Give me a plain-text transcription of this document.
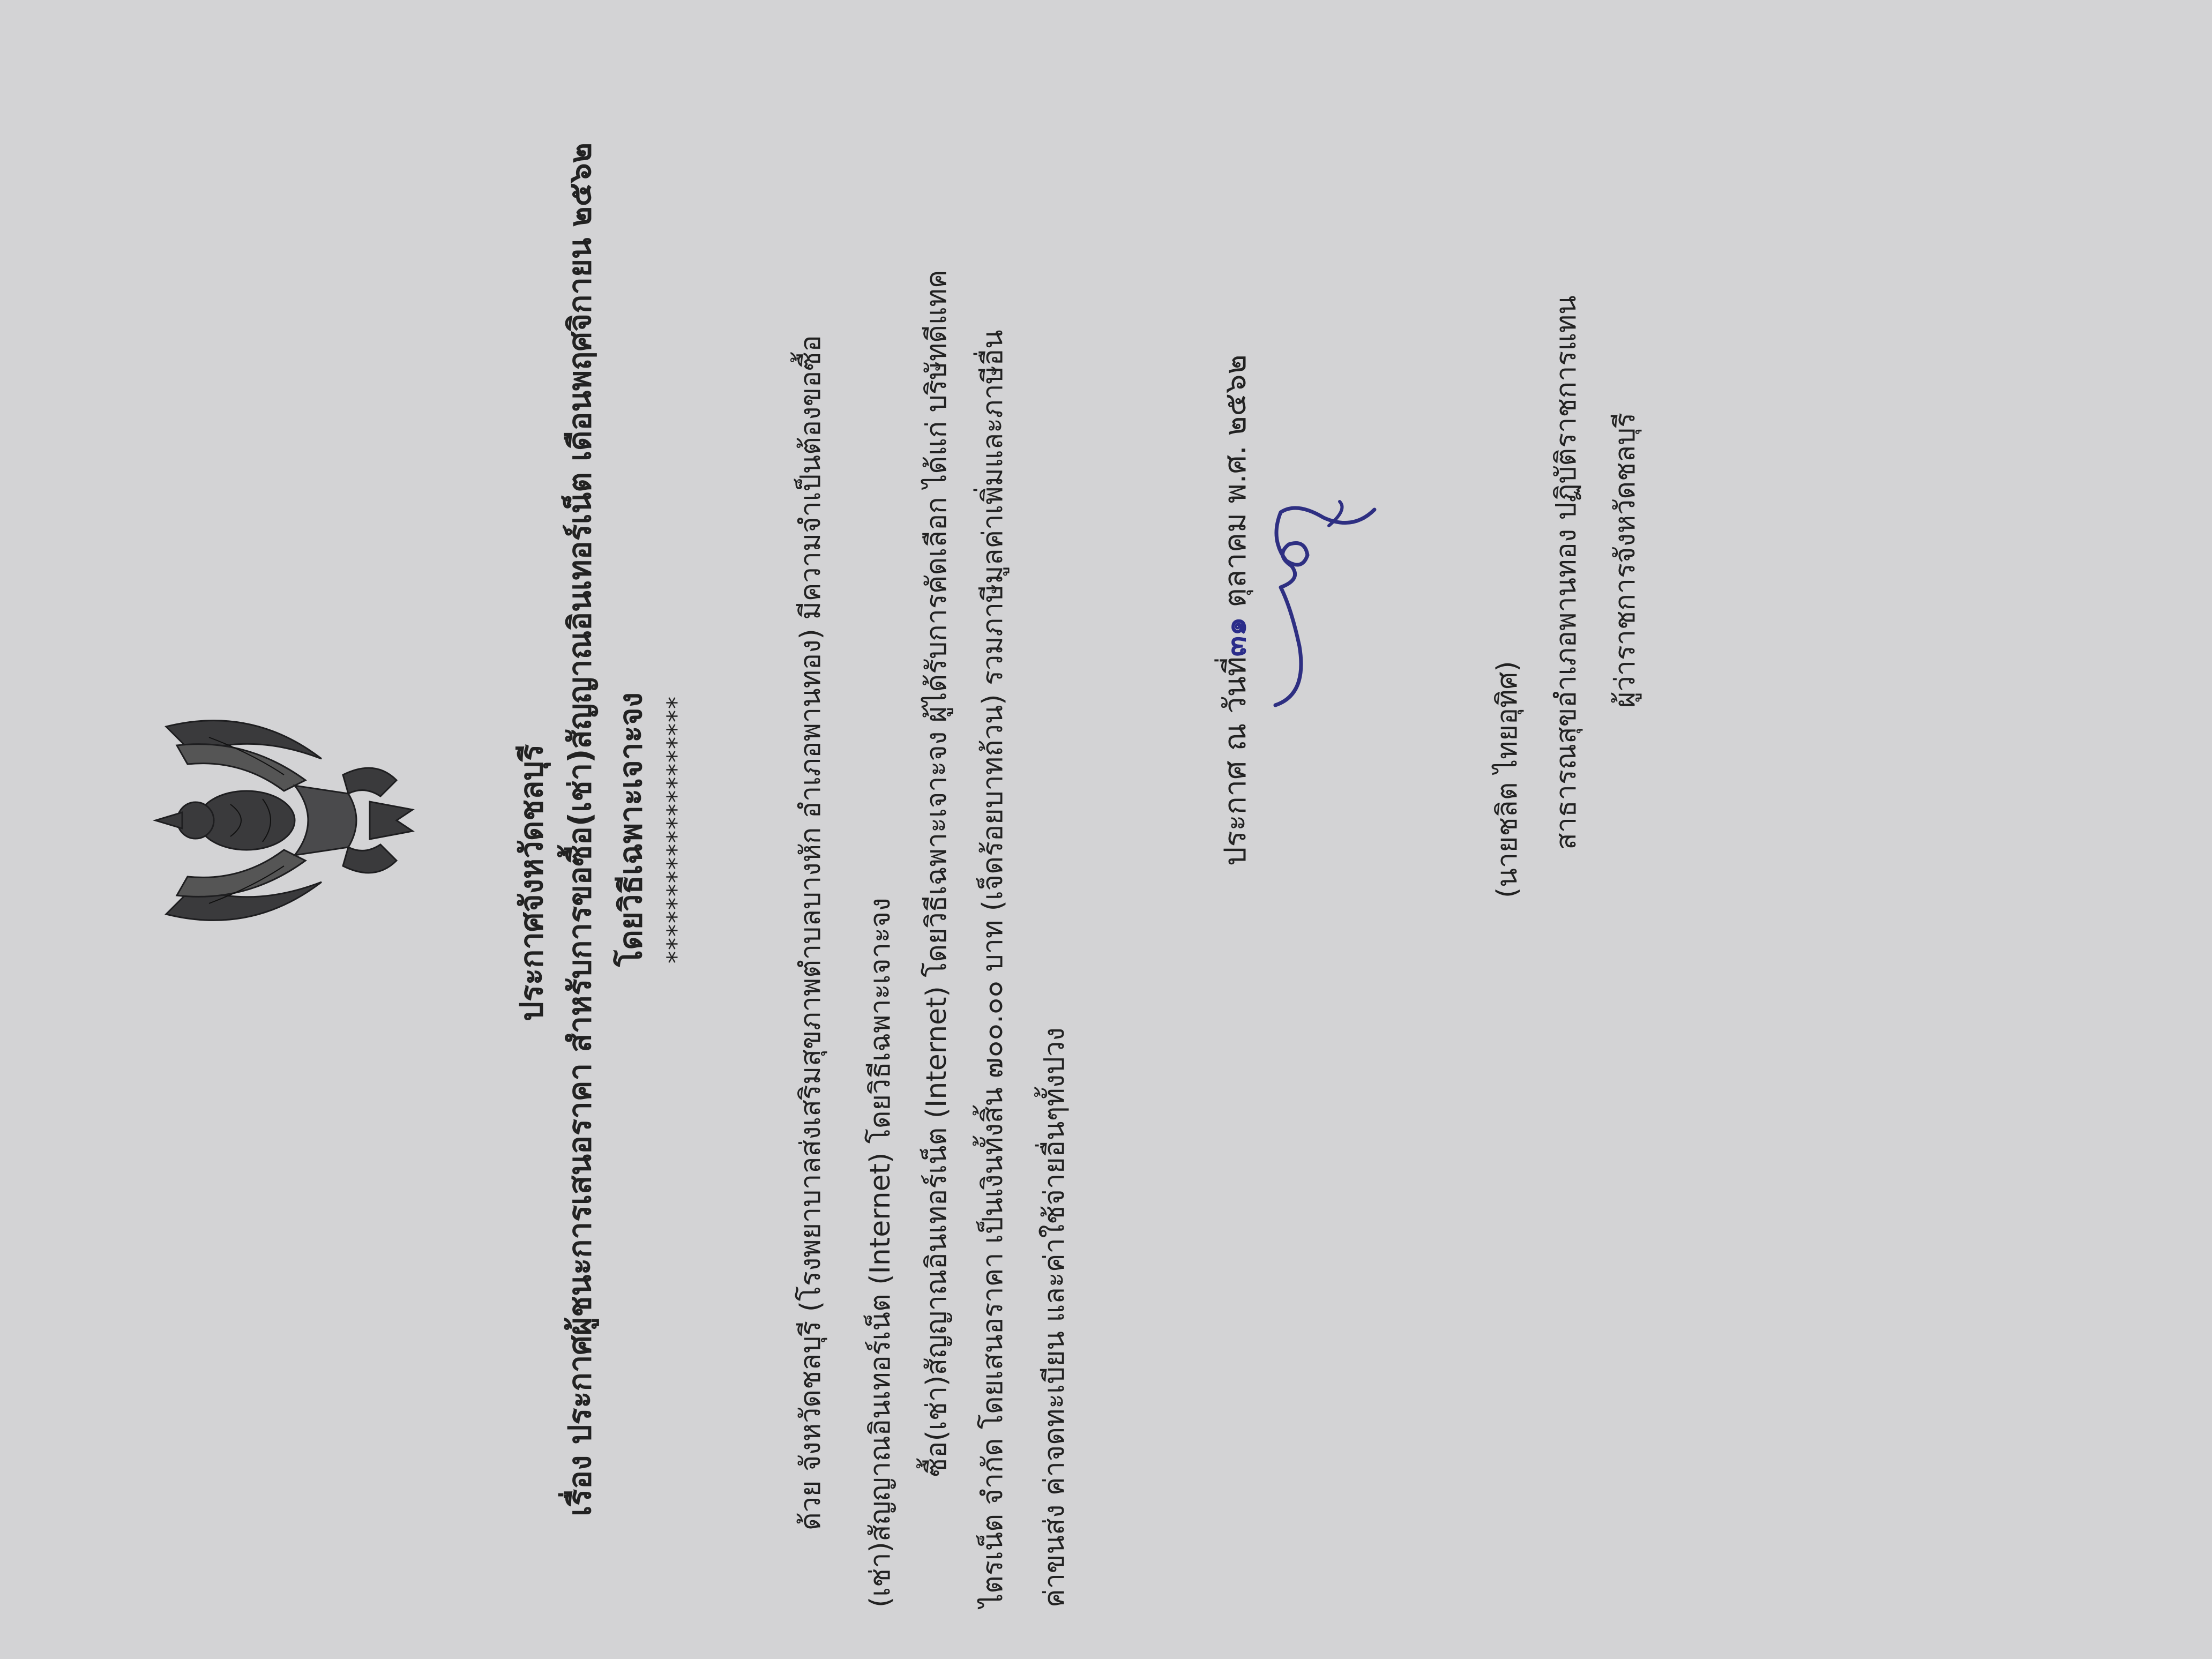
ประกาศจังหวัดชลบุรี เรื่อง ประกาศผู้ชนะการเสนอราคา สำหรับการขอซื้อ(เช่า)สัญญาณอินเทอร์เน็ต เดือนพฤศจิกายน ๒๕๖๒ โดยวิธีเฉพาะเจาะจง ********************	ด้วย จังหวัดชลบุรี (โรงพยาบาลส่งเสริมสุขภาพตำบลบางหัก อำเภอพานทอง) มีความจำเป็นต้องขอซื้อ (เช่า)สัญญาณอินเทอร์เน็ต (Internet) โดยวิธีเฉพาะเจาะจง ซื้อ(เช่า)สัญญาณอินเทอร์เน็ต (Internet) โดยวิธีเฉพาะเจาะจง ผู้ได้รับการคัดเลือก ได้แก่ บริษัทดีแทค ไตรเน็ต จำกัด โดยเสนอราคา เป็นเงินทั้งสิ้น ๗๐๐.๐๐ บาท (เจ็ดร้อยบาทถ้วน) รวมภาษีมูลค่าเพิ่มและภาษีอื่น ค่าขนส่ง ค่าจดทะเบียน และค่าใช้จ่ายอื่นๆทั้งปวง
ประกาศ ณ วันที่๓๑ ตุลาคม พ.ศ. ๒๕๖๒
(นายชลิต ไทยอุทิศ) สาธารณสุขอำเภอพานทอง ปฏิบัติราชการแทน ผู้ว่าราชการจังหวัดชลบุรี
